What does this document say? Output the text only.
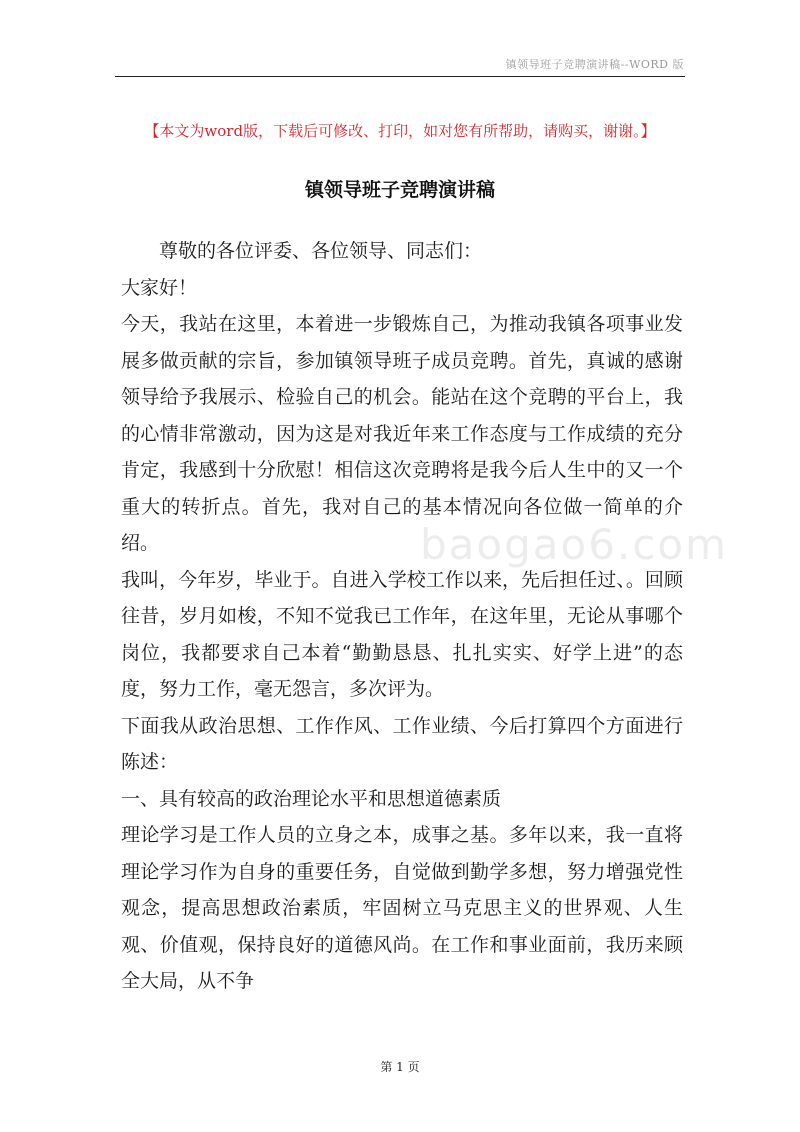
镇领导班子竞聘演讲稿--WORD 版
【本文为word版，下载后可修改、打印，如对您有所帮助，请购买，谢谢。】
镇领导班子竞聘演讲稿

尊敬的各位评委、各位领导、同志们：

大家好！

今天，我站在这里，本着进一步锻炼自己，为推动我镇各项事业发展多做贡献的宗旨，参加镇领导班子成员竞聘。首先，真诚的感谢领导给予我展示、检验自己的机会。能站在这个竞聘的平台上，我的心情非常激动，因为这是对我近年来工作态度与工作成绩的充分肯定，我感到十分欣慰！相信这次竞聘将是我今后人生中的又一个重大的转折点。首先，我对自己的基本情况向各位做一简单的介绍。

我叫，今年岁，毕业于。自进入学校工作以来，先后担任过、。回顾往昔，岁月如梭，不知不觉我已工作年，在这年里，无论从事哪个岗位，我都要求自己本着“勤勤恳恳、扎扎实实、好学上进”的态度，努力工作，毫无怨言，多次评为。

下面我从政治思想、工作作风、工作业绩、今后打算四个方面进行陈述：

一、具有较高的政治理论水平和思想道德素质

理论学习是工作人员的立身之本，成事之基。多年以来，我一直将理论学习作为自身的重要任务，自觉做到勤学多想，努力增强党性观念，提高思想政治素质，牢固树立马克思主义的世界观、人生观、价值观，保持良好的道德风尚。在工作和事业面前，我历来顾全大局，从不争

baogao6.com
第 1 页
